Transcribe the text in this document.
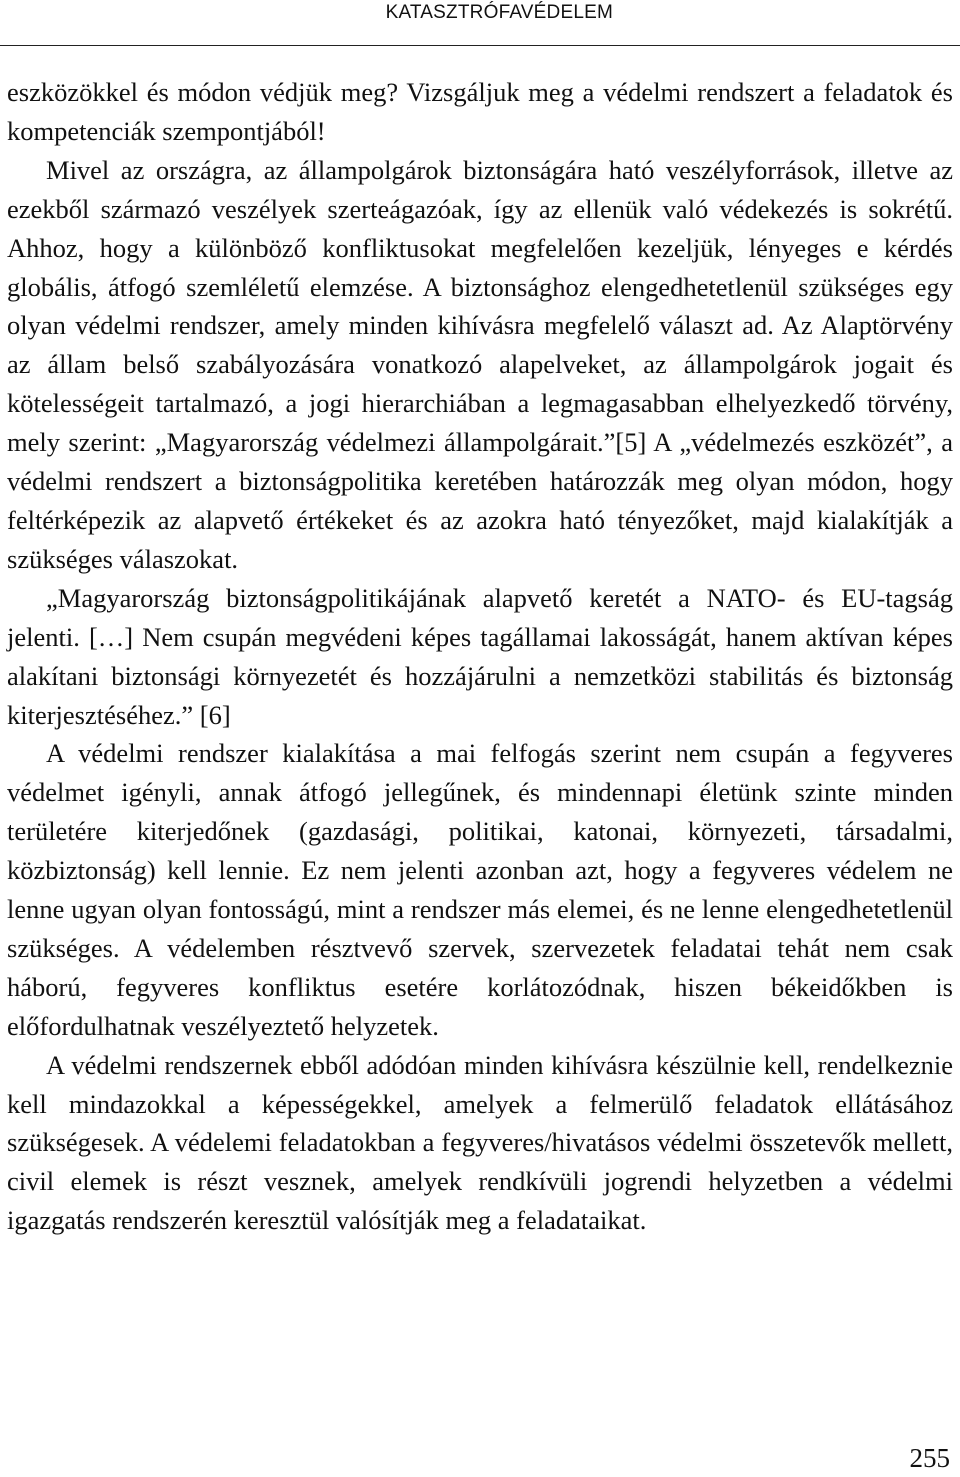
KATASZTRÓFAVÉDELEM

eszközökkel és módon védjük meg? Vizsgáljuk meg a védelmi rendszert a feladatok és kompetenciák szempontjából!

Mivel az országra, az állampolgárok biztonságára ható veszélyforrások, illetve az ezekből származó veszélyek szerteágazóak, így az ellenük való védekezés is sokrétű. Ahhoz, hogy a különböző konfliktusokat megfelelően kezeljük, lényeges e kérdés globális, átfogó szemléletű elemzése. A biztonsághoz elengedhetetlenül szükséges egy olyan védelmi rendszer, amely minden kihívásra megfelelő választ ad. Az Alaptörvény az állam belső szabályozására vonatkozó alapelveket, az állampolgárok jogait és kötelességeit tartalmazó, a jogi hierarchiában a legmagasabban elhelyezkedő törvény, mely szerint: „Magyarország védelmezi állampolgárait.”[5] A „védelmezés eszközét”, a védelmi rendszert a biztonságpolitika keretében határozzák meg olyan módon, hogy feltérképezik az alapvető értékeket és az azokra ható tényezőket, majd kialakítják a szükséges válaszokat.

„Magyarország biztonságpolitikájának alapvető keretét a NATO- és EU-tagság jelenti. […] Nem csupán megvédeni képes tagállamai lakosságát, hanem aktívan képes alakítani biztonsági környezetét és hozzájárulni a nemzetközi stabilitás és biztonság kiterjesztéséhez.” [6]

A védelmi rendszer kialakítása a mai felfogás szerint nem csupán a fegyveres védelmet igényli, annak átfogó jellegűnek, és mindennapi életünk szinte minden területére kiterjedőnek (gazdasági, politikai, katonai, környezeti, társadalmi, közbiztonság) kell lennie. Ez nem jelenti azonban azt, hogy a fegyveres védelem ne lenne ugyan olyan fontosságú, mint a rendszer más elemei, és ne lenne elengedhetetlenül szükséges. A védelemben résztvevő szervek, szervezetek feladatai tehát nem csak háború, fegyveres konfliktus esetére korlátozódnak, hiszen békeidőkben is előfordulhatnak veszélyeztető helyzetek.

A védelmi rendszernek ebből adódóan minden kihívásra készülnie kell, rendelkeznie kell mindazokkal a képességekkel, amelyek a felmerülő feladatok ellátásához szükségesek. A védelemi feladatokban a fegyveres/hivatásos védelmi összetevők mellett, civil elemek is részt vesznek, amelyek rendkívüli jogrendi helyzetben a védelmi igazgatás rendszerén keresztül valósítják meg a feladataikat.

255
